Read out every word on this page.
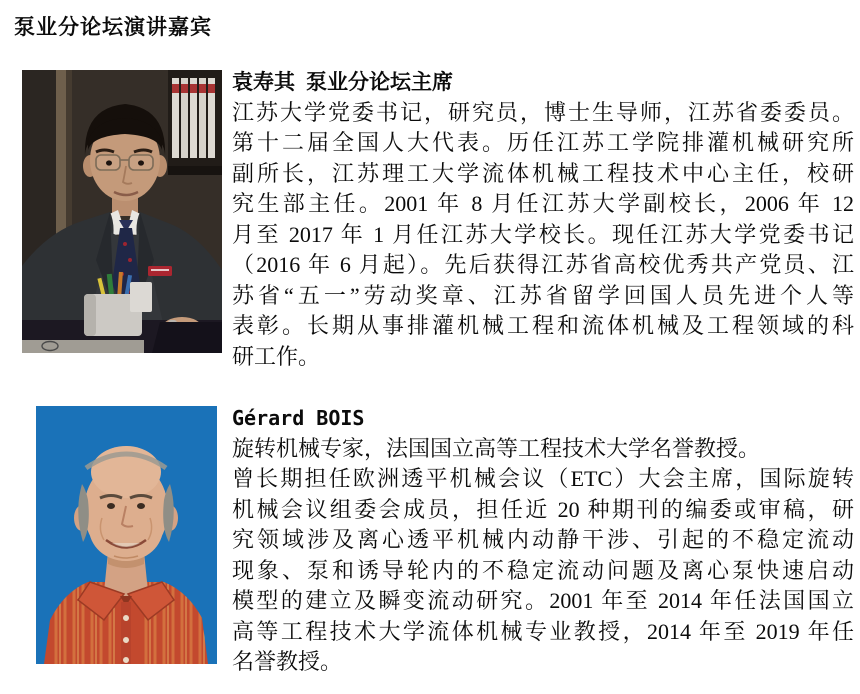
泵业分论坛演讲嘉宾
袁寿其 泵业分论坛主席
江苏大学党委书记，研究员，博士生导师，江苏省委委员。
第十二届全国人大代表。历任江苏工学院排灌机械研究所
副所长，江苏理工大学流体机械工程技术中心主任，校研
究生部主任。2001 年 8 月任江苏大学副校长，2006 年 12
月至 2017 年 1 月任江苏大学校长。现任江苏大学党委书记
（2016 年 6 月起）。先后获得江苏省高校优秀共产党员、江
苏省“五一”劳动奖章、江苏省留学回国人员先进个人等
表彰。长期从事排灌机械工程和流体机械及工程领域的科
研工作。
Gérard BOIS
旋转机械专家，法国国立高等工程技术大学名誉教授。
曾长期担任欧洲透平机械会议（ETC）大会主席，国际旋转
机械会议组委会成员，担任近 20 种期刊的编委或审稿，研
究领域涉及离心透平机械内动静干涉、引起的不稳定流动
现象、泵和诱导轮内的不稳定流动问题及离心泵快速启动
模型的建立及瞬变流动研究。2001 年至 2014 年任法国国立
高等工程技术大学流体机械专业教授，2014 年至 2019 年任
名誉教授。
